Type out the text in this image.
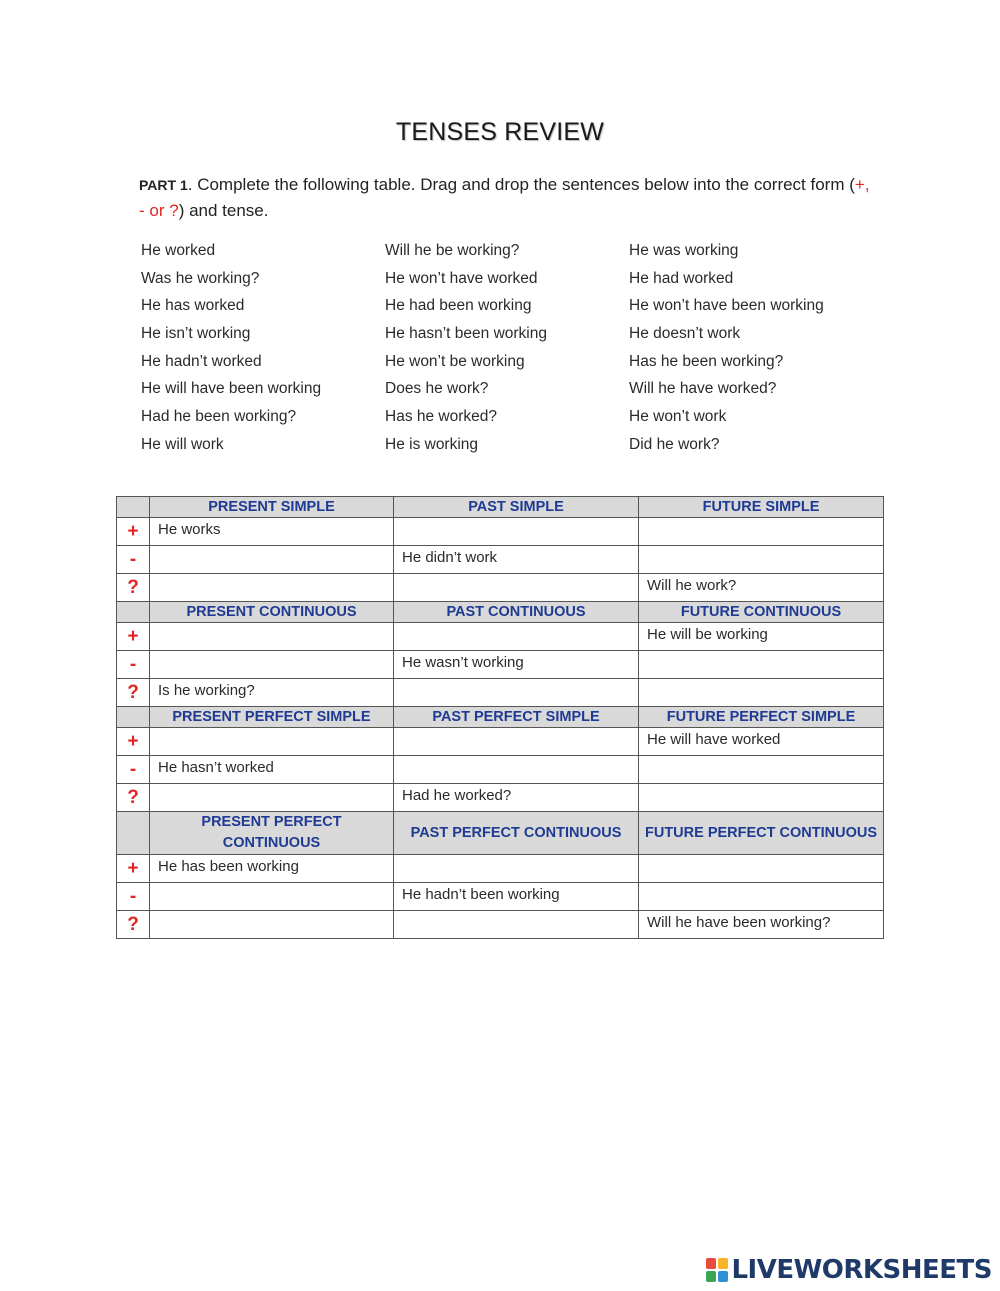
TENSES REVIEW
PART 1. Complete the following table. Drag and drop the sentences below into the correct form (+, - or ?) and tense.
He worked	Will he be working?	He was working
Was he working?	He won’t have worked	He had worked
He has worked	He had been working	He won’t have been working
He isn’t working	He hasn’t been working	He doesn’t work
He hadn’t worked	He won’t be working	Has he been working?
He will have been working	Does he work?	Will he have worked?
Had he been working?	Has he worked?	He won’t work
He will work	He is working	Did he work?
	PRESENT SIMPLE	PAST SIMPLE	FUTURE SIMPLE
+	He works		

-		He didn’t work	

?			Will he work?

	PRESENT CONTINUOUS	PAST CONTINUOUS	FUTURE CONTINUOUS
+			He will be working

-		He wasn’t working	

?	Is he working?		

	PRESENT PERFECT SIMPLE	PAST PERFECT SIMPLE	FUTURE PERFECT SIMPLE
+			He will have worked

-	He hasn’t worked		

?		Had he worked?	

	PRESENT PERFECT CONTINUOUS	PAST PERFECT CONTINUOUS	FUTURE PERFECT CONTINUOUS
+	He has been working		

-		He hadn’t been working	

?			Will he have been working?
LIVEWORKSHEETS
